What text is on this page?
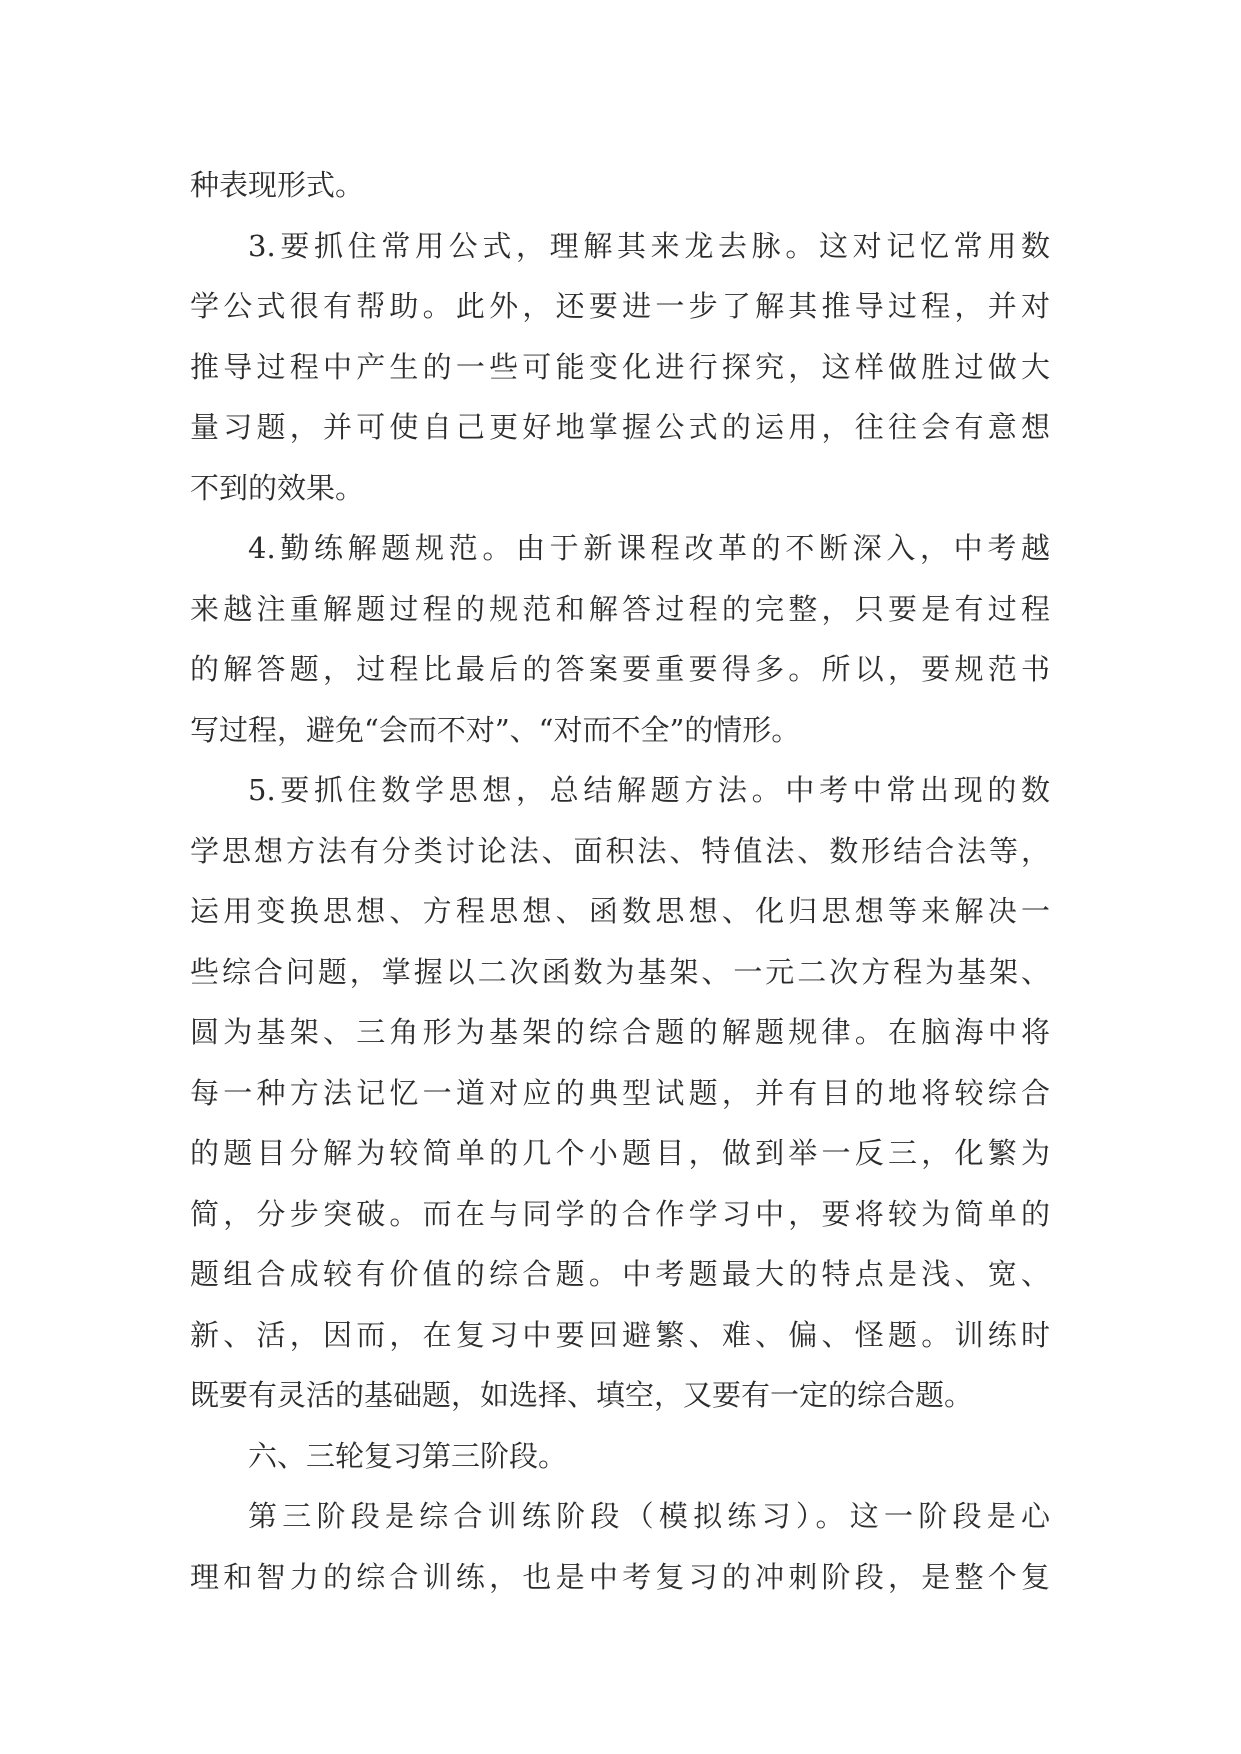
种表现形式。
3.要抓住常用公式，理解其来龙去脉。这对记忆常用数
学公式很有帮助。此外，还要进一步了解其推导过程，并对
推导过程中产生的一些可能变化进行探究，这样做胜过做大
量习题，并可使自己更好地掌握公式的运用，往往会有意想
不到的效果。
4.勤练解题规范。由于新课程改革的不断深入，中考越
来越注重解题过程的规范和解答过程的完整，只要是有过程
的解答题，过程比最后的答案要重要得多。所以，要规范书
写过程，避免“会而不对”、“对而不全”的情形。
5.要抓住数学思想，总结解题方法。中考中常出现的数
学思想方法有分类讨论法、面积法、特值法、数形结合法等，
运用变换思想、方程思想、函数思想、化归思想等来解决一
些综合问题，掌握以二次函数为基架、一元二次方程为基架、
圆为基架、三角形为基架的综合题的解题规律。在脑海中将
每一种方法记忆一道对应的典型试题，并有目的地将较综合
的题目分解为较简单的几个小题目，做到举一反三，化繁为
简，分步突破。而在与同学的合作学习中，要将较为简单的
题组合成较有价值的综合题。中考题最大的特点是浅、宽、
新、活，因而，在复习中要回避繁、难、偏、怪题。训练时
既要有灵活的基础题，如选择、填空，又要有一定的综合题。
六、三轮复习第三阶段。
第三阶段是综合训练阶段（模拟练习）。这一阶段是心
理和智力的综合训练，也是中考复习的冲刺阶段，是整个复
